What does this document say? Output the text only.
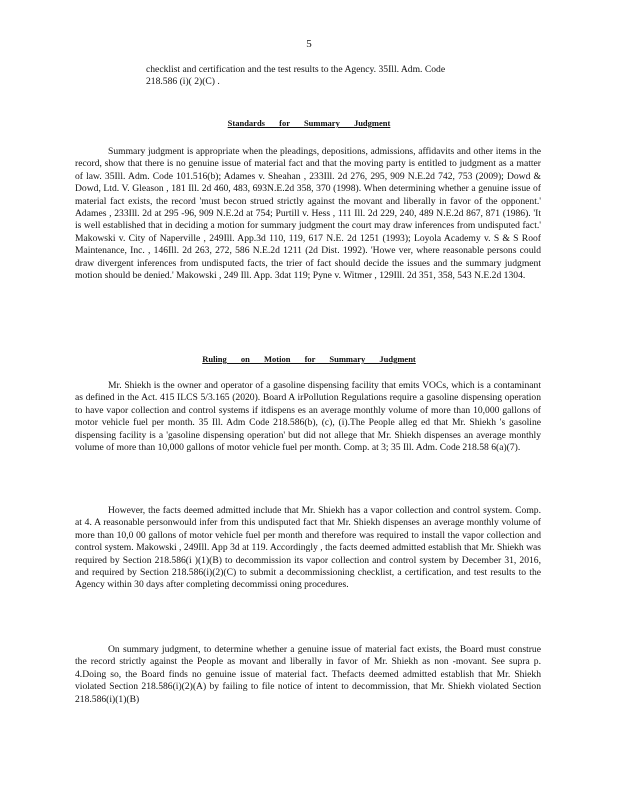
5

checklist and certification and the test results to the Agency. 35Ill. Adm. Code 218.586 (i)( 2)(C) .

Standards for Summary Judgment

Summary judgment is appropriate when the pleadings, depositions, admissions, affidavits and other items in the record, show that there is no genuine issue of material fact and that the moving party is entitled to judgment as a matter of law. 35Ill. Adm. Code 101.516(b); Adames v. Sheahan , 233Ill. 2d 276, 295, 909 N.E.2d 742, 753 (2009); Dowd & Dowd, Ltd. V. Gleason , 181 Ill. 2d 460, 483, 693N.E.2d 358, 370 (1998). When determining whether a genuine issue of material fact exists, the record 'must becon strued strictly against the movant and liberally in favor of the opponent.' Adames , 233Ill. 2d at 295 -96, 909 N.E.2d at 754; Purtill v. Hess , 111 Ill. 2d 229, 240, 489 N.E.2d 867, 871 (1986). 'It is well established that in deciding a motion for summary judgment the court may draw inferences from undisputed fact.' Makowski v. City of Naperville , 249Ill. App.3d 110, 119, 617 N.E. 2d 1251 (1993); Loyola Academy v. S & S Roof Maintenance, Inc. , 146Ill. 2d 263, 272, 586 N.E.2d 1211 (2d Dist. 1992). 'Howe ver, where reasonable persons could draw divergent inferences from undisputed facts, the trier of fact should decide the issues and the summary judgment motion should be denied.' Makowski , 249 Ill. App. 3dat 119; Pyne v. Witmer , 129Ill. 2d 351, 358, 543 N.E.2d 1304.

Ruling on Motion for Summary Judgment

Mr. Shiekh is the owner and operator of a gasoline dispensing facility that emits VOCs, which is a contaminant as defined in the Act. 415 ILCS 5/3.165 (2020). Board A irPollution Regulations require a gasoline dispensing operation to have vapor collection and control systems if itdispens es an average monthly volume of more than 10,000 gallons of motor vehicle fuel per month. 35 Ill. Adm Code 218.586(b), (c), (i).The People alleg ed that Mr. Shiekh 's gasoline dispensing facility is a 'gasoline dispensing operation' but did not allege that Mr. Shiekh dispenses an average monthly volume of more than 10,000 gallons of motor vehicle fuel per month. Comp. at 3; 35 Ill. Adm. Code 218.58 6(a)(7).

However, the facts deemed admitted include that Mr. Shiekh has a vapor collection and control system. Comp. at 4. A reasonable personwould infer from this undisputed fact that Mr. Shiekh dispenses an average monthly volume of more than 10,0 00 gallons of motor vehicle fuel per month and therefore was required to install the vapor collection and control system. Makowski , 249Ill. App 3d at 119. Accordingly , the facts deemed admitted establish that Mr. Shiekh was required by Section 218.586(i )(1)(B) to decommission its vapor collection and control system by December 31, 2016, and required by Section 218.586(i)(2)(C) to submit a decommissioning checklist, a certification, and test results to the Agency within 30 days after completing decommissi oning procedures.

On summary judgment, to determine whether a genuine issue of material fact exists, the Board must construe the record strictly against the People as movant and liberally in favor of Mr. Shiekh as non -movant. See supra p. 4.Doing so, the Board finds no genuine issue of material fact. Thefacts deemed admitted establish that Mr. Shiekh violated Section 218.586(i)(2)(A) by failing to file notice of intent to decommission, that Mr. Shiekh violated Section 218.586(i)(1)(B)
